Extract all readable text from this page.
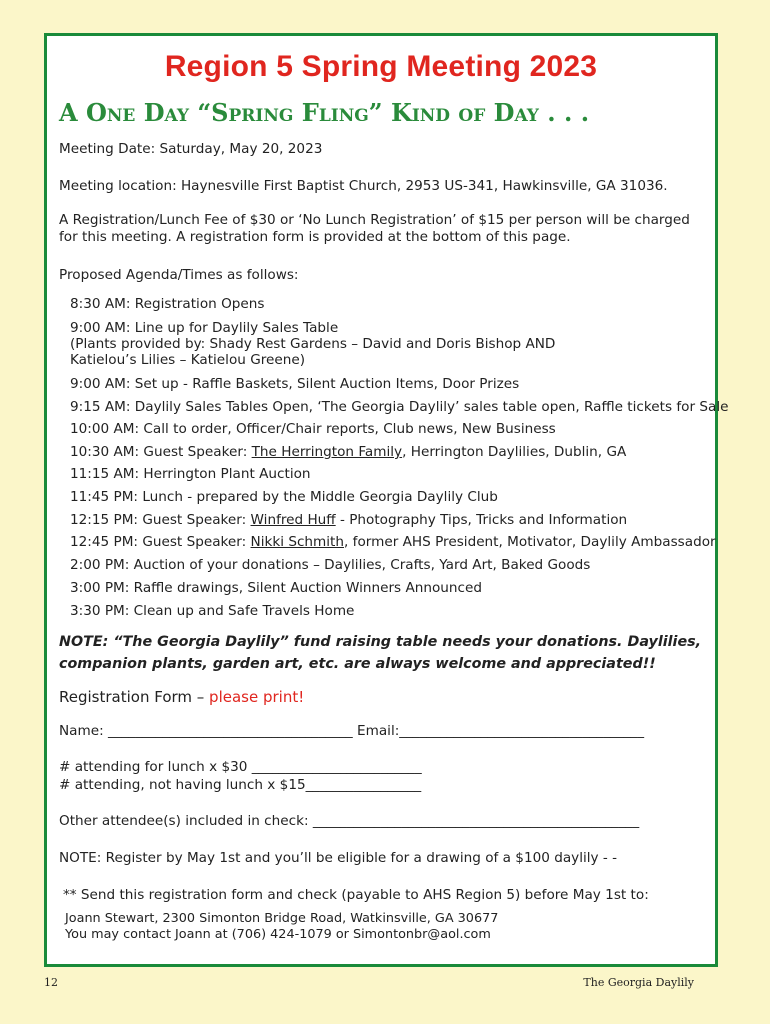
Region 5 Spring Meeting 2023
A One Day “Spring Fling” Kind of Day . . .
Meeting Date: Saturday, May 20, 2023
Meeting location: Haynesville First Baptist Church, 2953 US-341, Hawkinsville, GA 31036.
A Registration/Lunch Fee of $30 or ‘No Lunch Registration’ of $15 per person will be charged for this meeting. A registration form is provided at the bottom of this page.
Proposed Agenda/Times as follows:
8:30 AM: Registration Opens
9:00 AM: Line up for Daylily Sales Table
(Plants provided by: Shady Rest Gardens – David and Doris Bishop AND
Katielou’s Lilies – Katielou Greene)
9:00 AM: Set up - Raffle Baskets, Silent Auction Items, Door Prizes
9:15 AM: Daylily Sales Tables Open, ‘The Georgia Daylily’ sales table open, Raffle tickets for Sale
10:00 AM: Call to order, Officer/Chair reports, Club news, New Business
10:30 AM: Guest Speaker: The Herrington Family, Herrington Daylilies, Dublin, GA
11:15 AM: Herrington Plant Auction
11:45 PM: Lunch - prepared by the Middle Georgia Daylily Club
12:15 PM: Guest Speaker: Winfred Huff - Photography Tips, Tricks and Information
12:45 PM: Guest Speaker: Nikki Schmith, former AHS President, Motivator, Daylily Ambassador
2:00 PM: Auction of your donations – Daylilies, Crafts, Yard Art, Baked Goods
3:00 PM: Raffle drawings, Silent Auction Winners Announced
3:30 PM: Clean up and Safe Travels Home
NOTE: “The Georgia Daylily” fund raising table needs your donations. Daylilies, companion plants, garden art, etc. are always welcome and appreciated!!
Registration Form – please print!
Name: ____________________________________ Email:____________________________________
# attending for lunch x $30 _________________________
# attending, not having lunch x $15_________________
Other attendee(s) included in check: ________________________________________________
NOTE: Register by May 1st and you’ll be eligible for a drawing of a $100 daylily - -
** Send this registration form and check (payable to AHS Region 5) before May 1st to:
Joann Stewart, 2300 Simonton Bridge Road, Watkinsville, GA 30677
You may contact Joann at (706) 424-1079 or Simontonbr@aol.com
12	The Georgia Daylily
